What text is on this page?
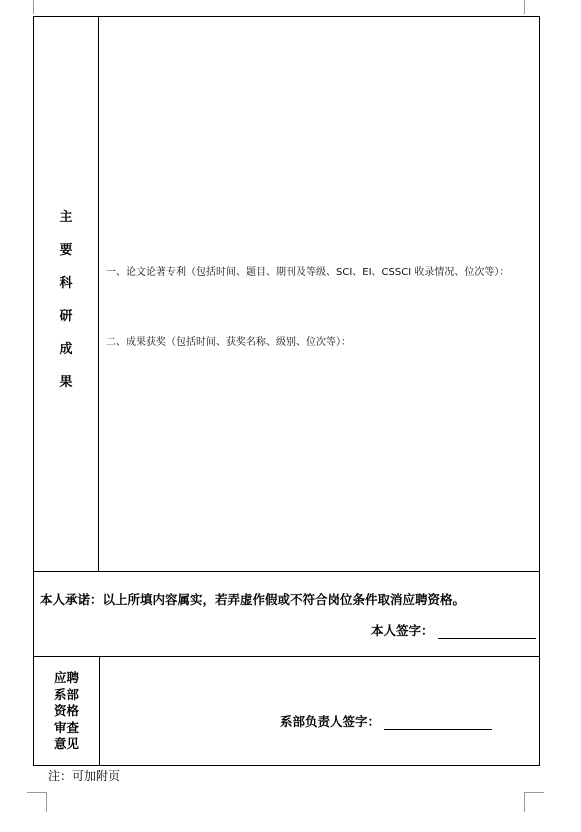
主
要
科
研
成
果
一、论文论著专利（包括时间、题目、期刊及等级、SCI、EI、CSSCI 收录情况、位次等）：
二、成果获奖（包括时间、获奖名称、级别、位次等）：
本人承诺：以上所填内容属实，若弄虚作假或不符合岗位条件取消应聘资格。
本人签字：
应聘
系部
资格
审查
意见
系部负责人签字：
注：可加附页
